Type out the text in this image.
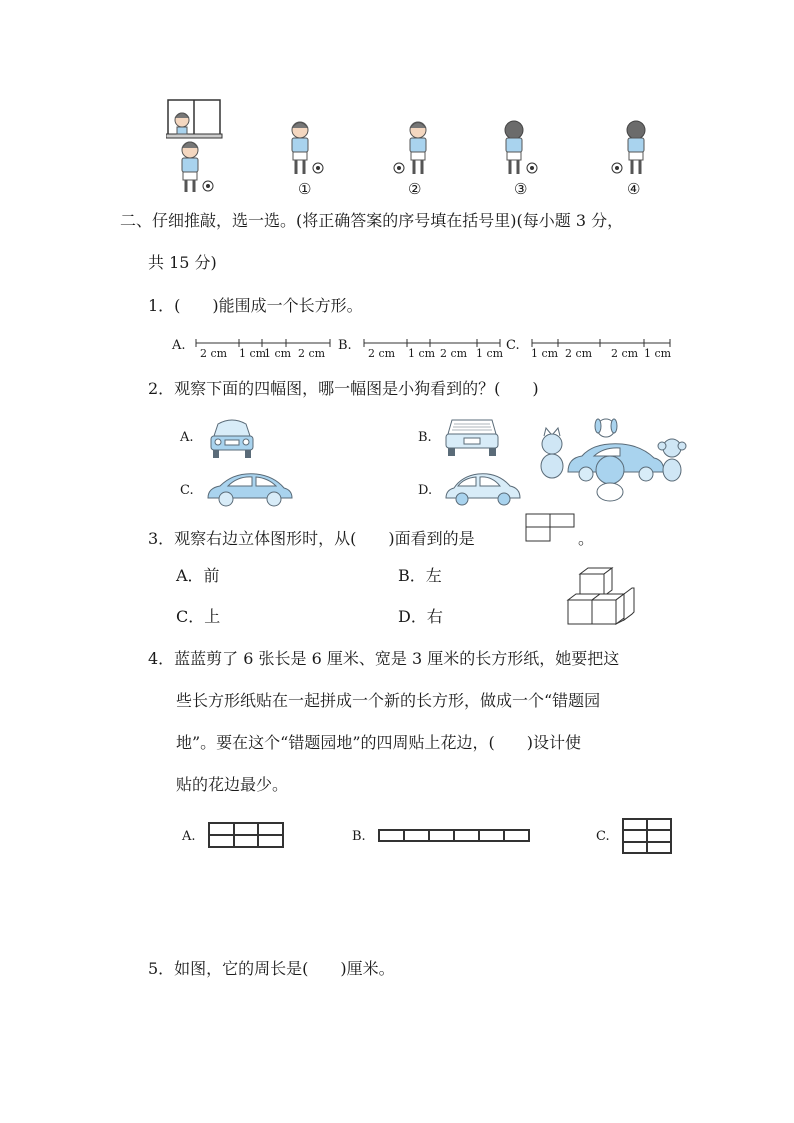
①	②	③	④
二、仔细推敲，选一选。(将正确答案的序号填在括号里)(每小题 3 分，
共 15 分)
1．(　　)能围成一个长方形。
A.
2 cm 1 cm
1 cm 2 cm
B.
2 cm 1 cm 2 cm 1 cm
C.
1 cm 2 cm 2 cm 1 cm
2．观察下面的四幅图，哪一幅图是小狗看到的？(　　)
A.	B.
C.	D.
3．观察右边立体图形时，从(　　)面看到的是	。
A．前	B．左
C．上	D．右
4．蓝蓝剪了 6 张长是 6 厘米、宽是 3 厘米的长方形纸，她要把这
些长方形纸贴在一起拼成一个新的长方形，做成一个“错题园
地”。要在这个“错题园地”的四周贴上花边，(　　)设计使
贴的花边最少。
A.	B.	C.
5．如图，它的周长是(　　)厘米。
